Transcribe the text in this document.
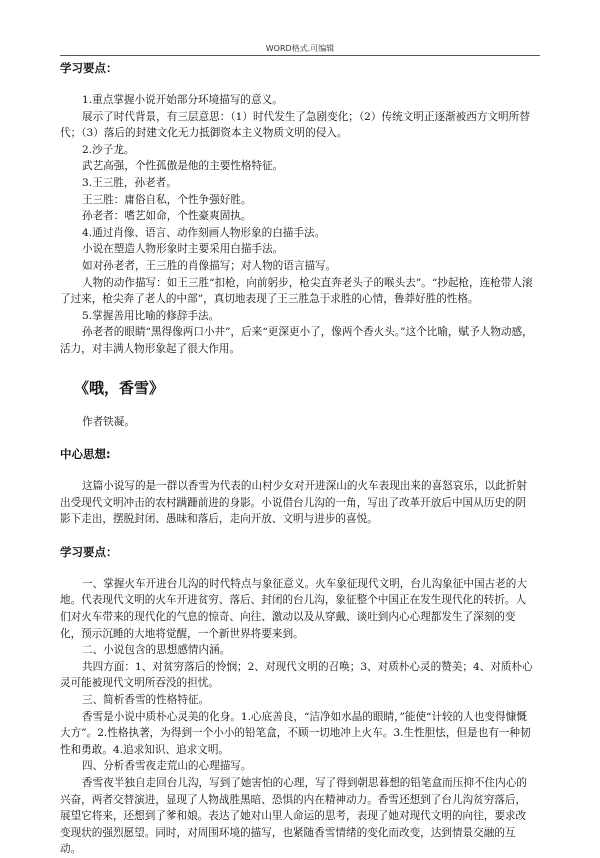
WORD格式.可编辑
学习要点：

1.重点掌握小说开始部分环境描写的意义。

展示了时代背景，有三层意思：（1）时代发生了急剧变化；（2）传统文明正逐渐被西方文明所替代；（3）落后的封建文化无力抵御资本主义物质文明的侵入。

2.沙子龙。

武艺高强，个性孤傲是他的主要性格特征。

3.王三胜，孙老者。

王三胜：庸俗自私，个性争强好胜。

孙老者：嗜艺如命，个性豪爽固执。

4.通过肖像、语言、动作刻画人物形象的白描手法。

小说在塑造人物形象时主要采用白描手法。

如对孙老者，王三胜的肖像描写；对人物的语言描写。

人物的动作描写：如王三胜“扣枪，向前躬步，枪尖直奔老头子的喉头去”。“抄起枪，连枪带人滚了过来，枪尖奔了老人的中部”，真切地表现了王三胜急于求胜的心情，鲁莽好胜的性格。

5.掌握善用比喻的修辞手法。

孙老者的眼睛“黑得像两口小井”，后来“更深更小了，像两个香火头。”这个比喻，赋予人物动感，活力，对丰满人物形象起了很大作用。

《哦，香雪》

作者铁凝。

中心思想:

这篇小说写的是一群以香雪为代表的山村少女对开进深山的火车表现出来的喜怒哀乐，以此折射出受现代文明冲击的农村蹒跚前进的身影。小说借台儿沟的一角，写出了改革开放后中国从历史的阴影下走出，摆脱封闭、愚昧和落后，走向开放、文明与进步的喜悦。

学习要点：

一、掌握火车开进台儿沟的时代特点与象征意义。火车象征现代文明，台儿沟象征中国古老的大地。代表现代文明的火车开进贫穷、落后、封闭的台儿沟，象征整个中国正在发生现代化的转折。人们对火车带来的现代化的气息的惊奇、向往、激动以及从穿戴、谈吐到内心心理都发生了深刻的变化，预示沉睡的大地将觉醒，一个新世界将要来到。

二、小说包含的思想感情内涵。

共四方面：1、对贫穷落后的怜悯；2、对现代文明的召唤；3、对质朴心灵的赞美；4、对质朴心灵可能被现代文明所吞没的担忧。

三、简析香雪的性格特征。

香雪是小说中质朴心灵美的化身。1.心底善良，“洁净如水晶的眼睛，”能使“计较的人也变得慷慨大方”。2.性格执著，为得到一个小小的铅笔盒，不顾一切地冲上火车。3.生性胆怯，但是也有一种韧性和勇敢。4.追求知识、追求文明。

四、分析香雪夜走荒山的心理描写。

香雪夜半独自走回台儿沟，写到了她害怕的心理，写了得到朝思暮想的铅笔盒而压抑不住内心的兴奋，两者交替演进，显现了人物战胜黑暗、恐惧的内在精神动力。香雪还想到了台儿沟贫穷落后，展望它将来，还想到了爹和娘。表达了她对山里人命运的思考，表现了她对现代文明的向往，要求改变现状的强烈愿望。同时，对周围环境的描写，也紧随香雪情绪的变化而改变，达到情景交融的互动。
